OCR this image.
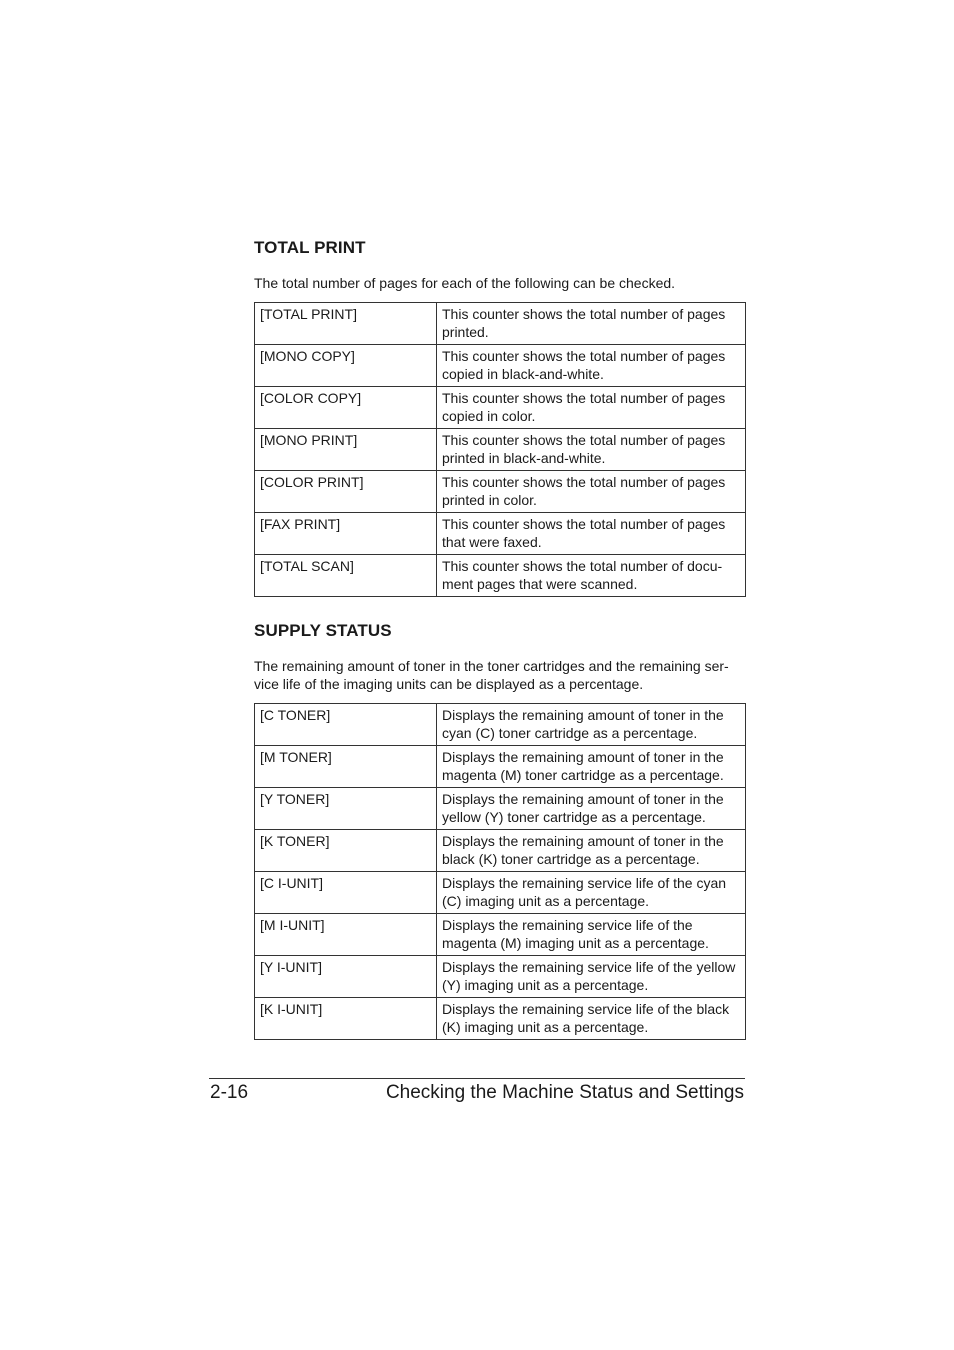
TOTAL PRINT

The total number of pages for each of the following can be checked.

[TOTAL PRINT]	This counter shows the total number of pages printed.
[MONO COPY]	This counter shows the total number of pages copied in black-and-white.
[COLOR COPY]	This counter shows the total number of pages copied in color.
[MONO PRINT]	This counter shows the total number of pages printed in black-and-white.
[COLOR PRINT]	This counter shows the total number of pages printed in color.
[FAX PRINT]	This counter shows the total number of pages that were faxed.
[TOTAL SCAN]	This counter shows the total number of docu-ment pages that were scanned.
SUPPLY STATUS

The remaining amount of toner in the toner cartridges and the remaining ser-vice life of the imaging units can be displayed as a percentage.

[C TONER]	Displays the remaining amount of toner in the cyan (C) toner cartridge as a percentage.
[M TONER]	Displays the remaining amount of toner in the magenta (M) toner cartridge as a percentage.
[Y TONER]	Displays the remaining amount of toner in the yellow (Y) toner cartridge as a percentage.
[K TONER]	Displays the remaining amount of toner in the black (K) toner cartridge as a percentage.
[C I-UNIT]	Displays the remaining service life of the cyan (C) imaging unit as a percentage.
[M I-UNIT]	Displays the remaining service life of the magenta (M) imaging unit as a percentage.
[Y I-UNIT]	Displays the remaining service life of the yellow (Y) imaging unit as a percentage.
[K I-UNIT]	Displays the remaining service life of the black (K) imaging unit as a percentage.

2-16	Checking the Machine Status and Settings
